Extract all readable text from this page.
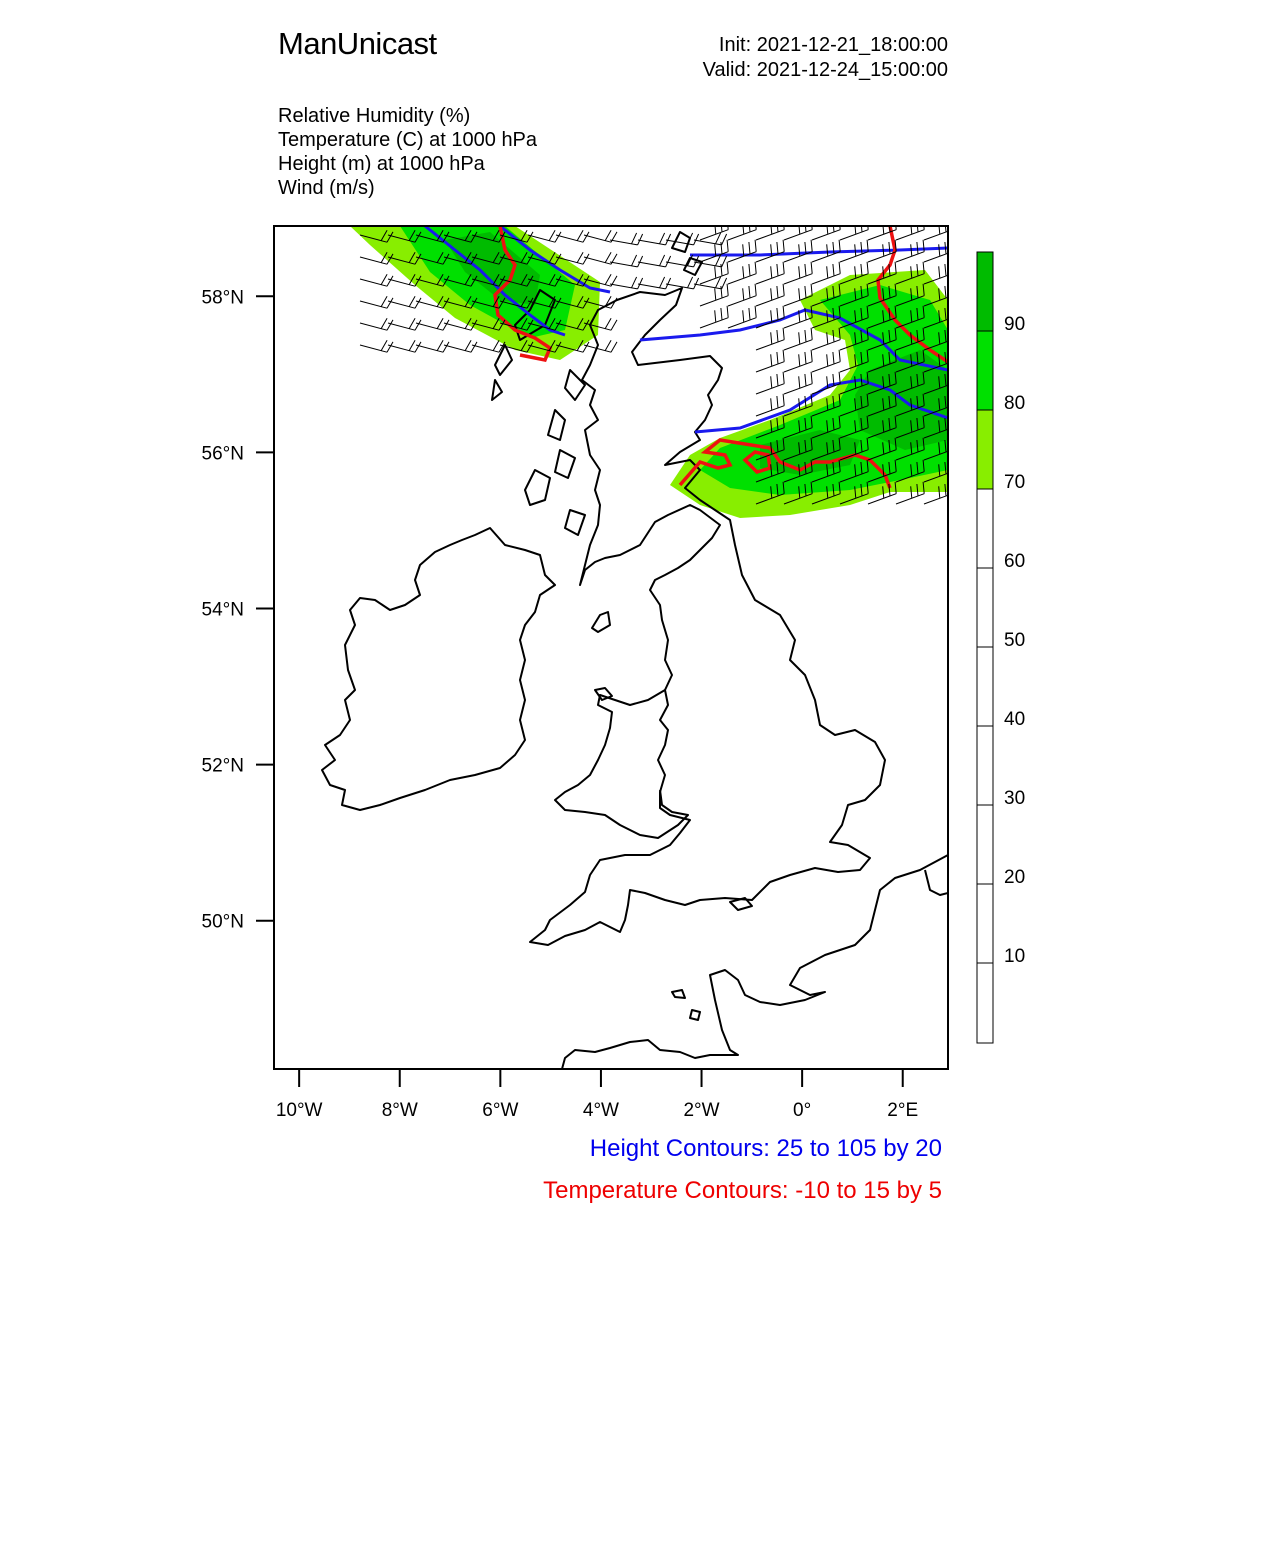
ManUnicast	Init: 2021-12-21_18:00:00
Valid: 2021-12-24_15:00:00
Relative Humidity (%)
Temperature (C) at 1000 hPa
Height (m) at 1000 hPa
Wind (m/s)
58°N
56°N
54°N
52°N
50°N
10°W	8°W	6°W	4°W	2°W	0°	2°E
90
80
70
60
50
40
30
20
10
Height Contours: 25 to 105 by 20
Temperature Contours: -10 to 15 by 5
